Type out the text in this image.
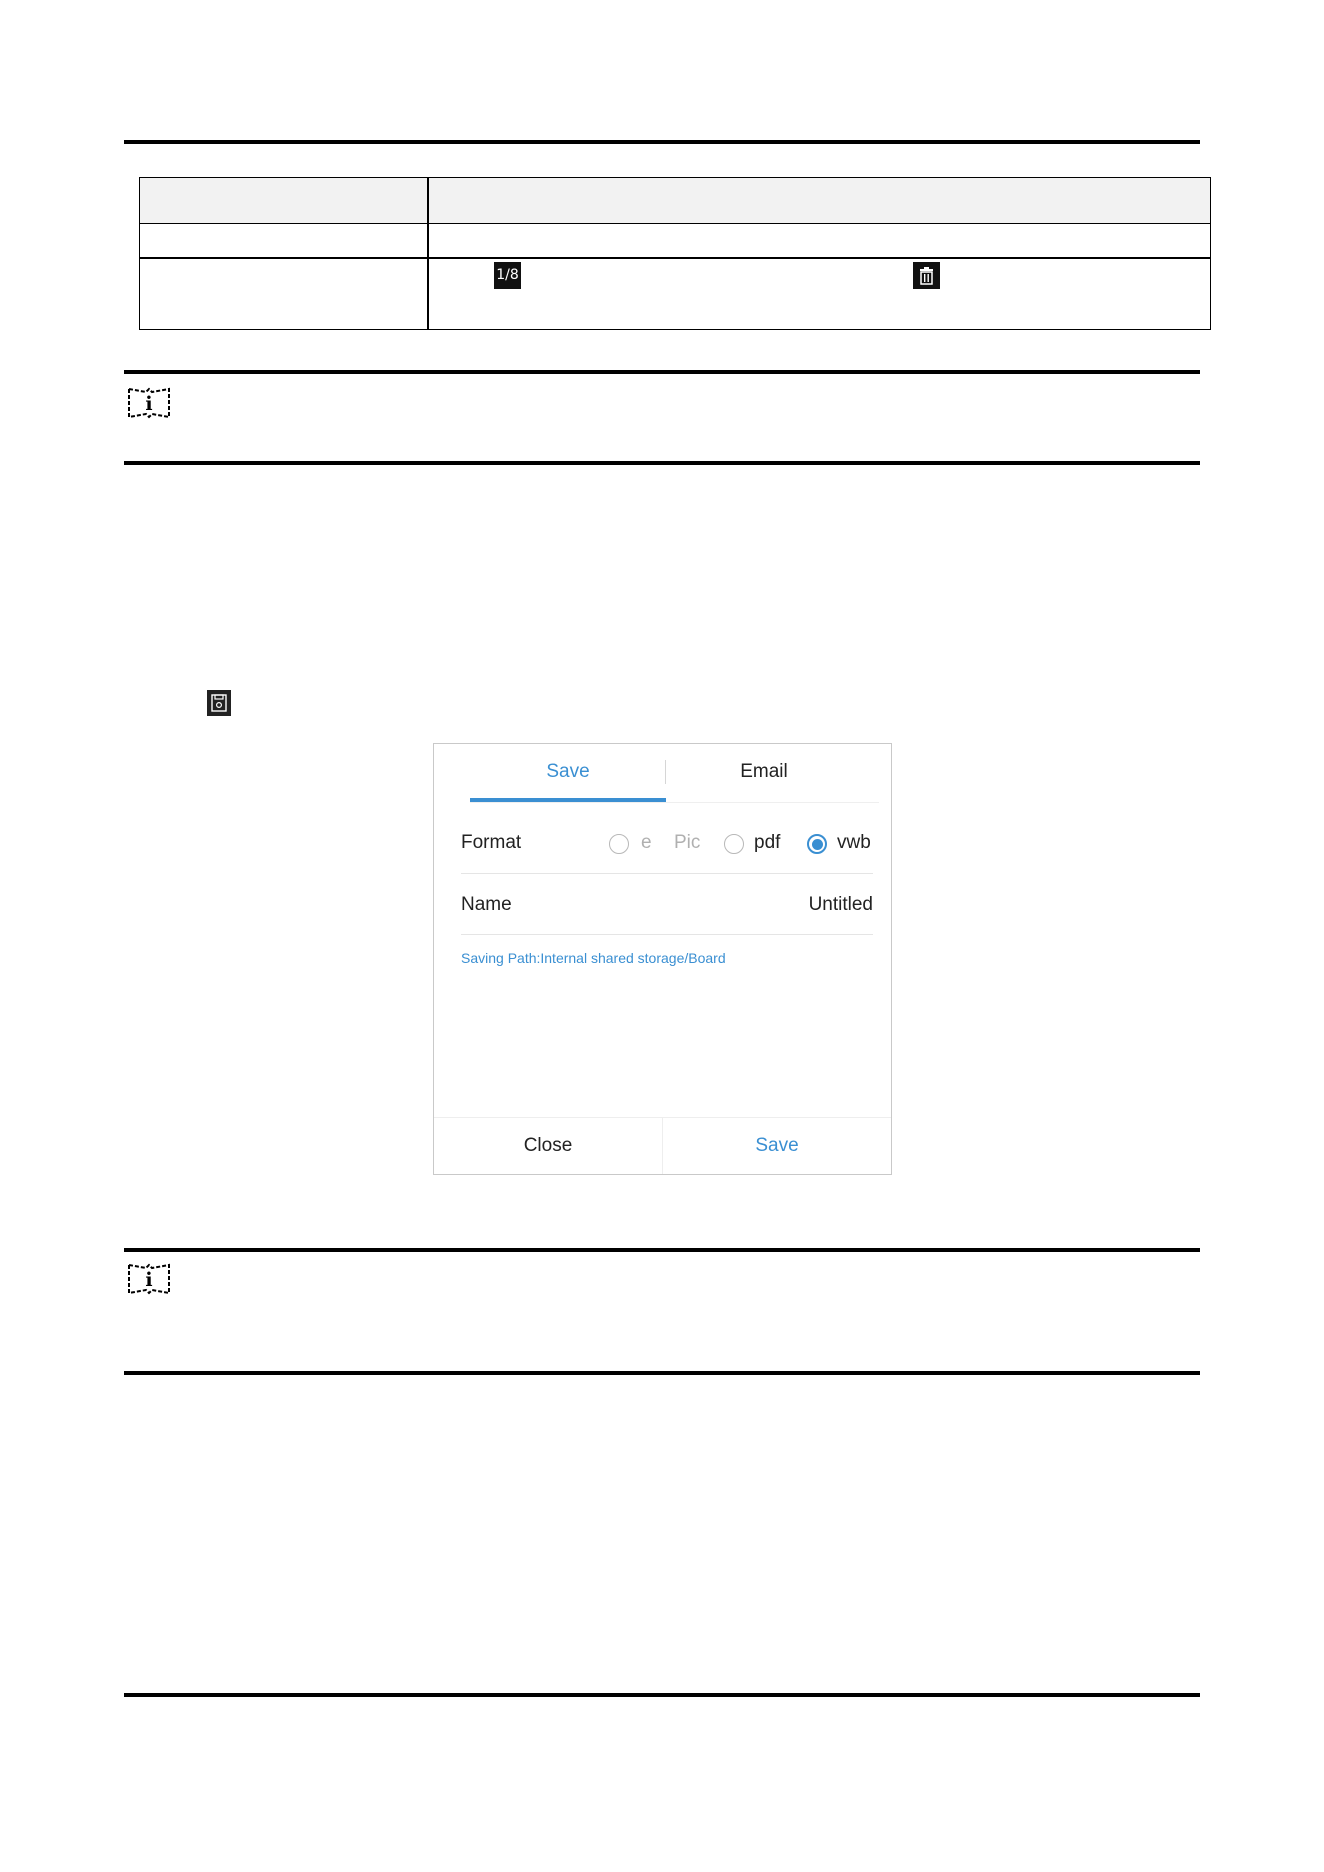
1/8
i
Save	Email
Format	e Pic	pdf	vwb
Name	Untitled
Saving Path:Internal shared storage/Board
Close	Save
i
